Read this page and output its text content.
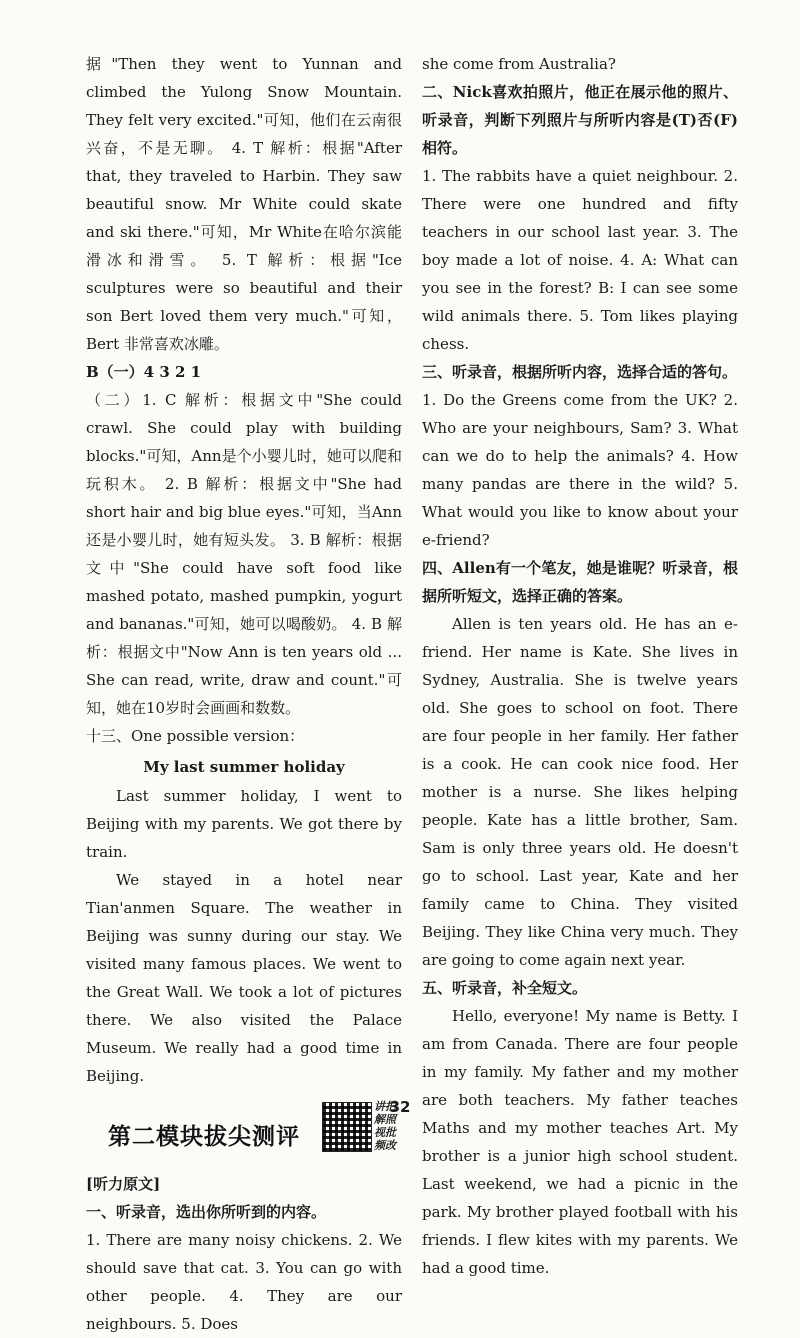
据"Then they went to Yunnan and climbed the Yulong Snow Mountain. They felt very excited."可知，他们在云南很兴奋，不是无聊。 4. T 解析：根据"After that, they traveled to Harbin. They saw beautiful snow. Mr White could skate and ski there."可知，Mr White在哈尔滨能滑冰和滑雪。 5. T 解析：根据"Ice sculptures were so beautiful and their son Bert loved them very much."可知，Bert 非常喜欢冰雕。

B（一）4 3 2 1

（二）1. C 解析：根据文中"She could crawl. She could play with building blocks."可知，Ann是个小婴儿时，她可以爬和玩积木。 2. B 解析：根据文中"She had short hair and big blue eyes."可知，当Ann还是小婴儿时，她有短头发。 3. B 解析：根据文中"She could have soft food like mashed potato, mashed pumpkin, yogurt and bananas."可知，她可以喝酸奶。 4. B 解析：根据文中"Now Ann is ten years old ... She can read, write, draw and count."可知，她在10岁时会画画和数数。

十三、One possible version：

My last summer holiday

Last summer holiday, I went to Beijing with my parents. We got there by train.

We stayed in a hotel near Tian'anmen Square. The weather in Beijing was sunny during our stay. We visited many famous places. We went to the Great Wall. We took a lot of pictures there. We also visited the Palace Museum. We really had a good time in Beijing.

第二模块拔尖测评
讲拍解照视批频改

[听力原文]

一、听录音，选出你所听到的内容。

1. There are many noisy chickens. 2. We should save that cat. 3. You can go with other people. 4. They are our neighbours. 5. Does

she come from Australia?

二、Nick喜欢拍照片，他正在展示他的照片、听录音，判断下列照片与所听内容是(T)否(F)相符。

1. The rabbits have a quiet neighbour. 2. There were one hundred and fifty teachers in our school last year. 3. The boy made a lot of noise. 4. A: What can you see in the forest? B: I can see some wild animals there. 5. Tom likes playing chess.

三、听录音，根据所听内容，选择合适的答句。

1. Do the Greens come from the UK? 2. Who are your neighbours, Sam? 3. What can we do to help the animals? 4. How many pandas are there in the wild? 5. What would you like to know about your e-friend?

四、Allen有一个笔友，她是谁呢？听录音，根据所听短文，选择正确的答案。

Allen is ten years old. He has an e-friend. Her name is Kate. She lives in Sydney, Australia. She is twelve years old. She goes to school on foot. There are four people in her family. Her father is a cook. He can cook nice food. Her mother is a nurse. She likes helping people. Kate has a little brother, Sam. Sam is only three years old. He doesn't go to school. Last year, Kate and her family came to China. They visited Beijing. They like China very much. They are going to come again next year.

五、听录音，补全短文。

Hello, everyone! My name is Betty. I am from Canada. There are four people in my family. My father and my mother are both teachers. My father teaches Maths and my mother teaches Art. My brother is a junior high school student. Last weekend, we had a picnic in the park. My brother played football with his friends. I flew kites with my parents. We had a good time.

32
